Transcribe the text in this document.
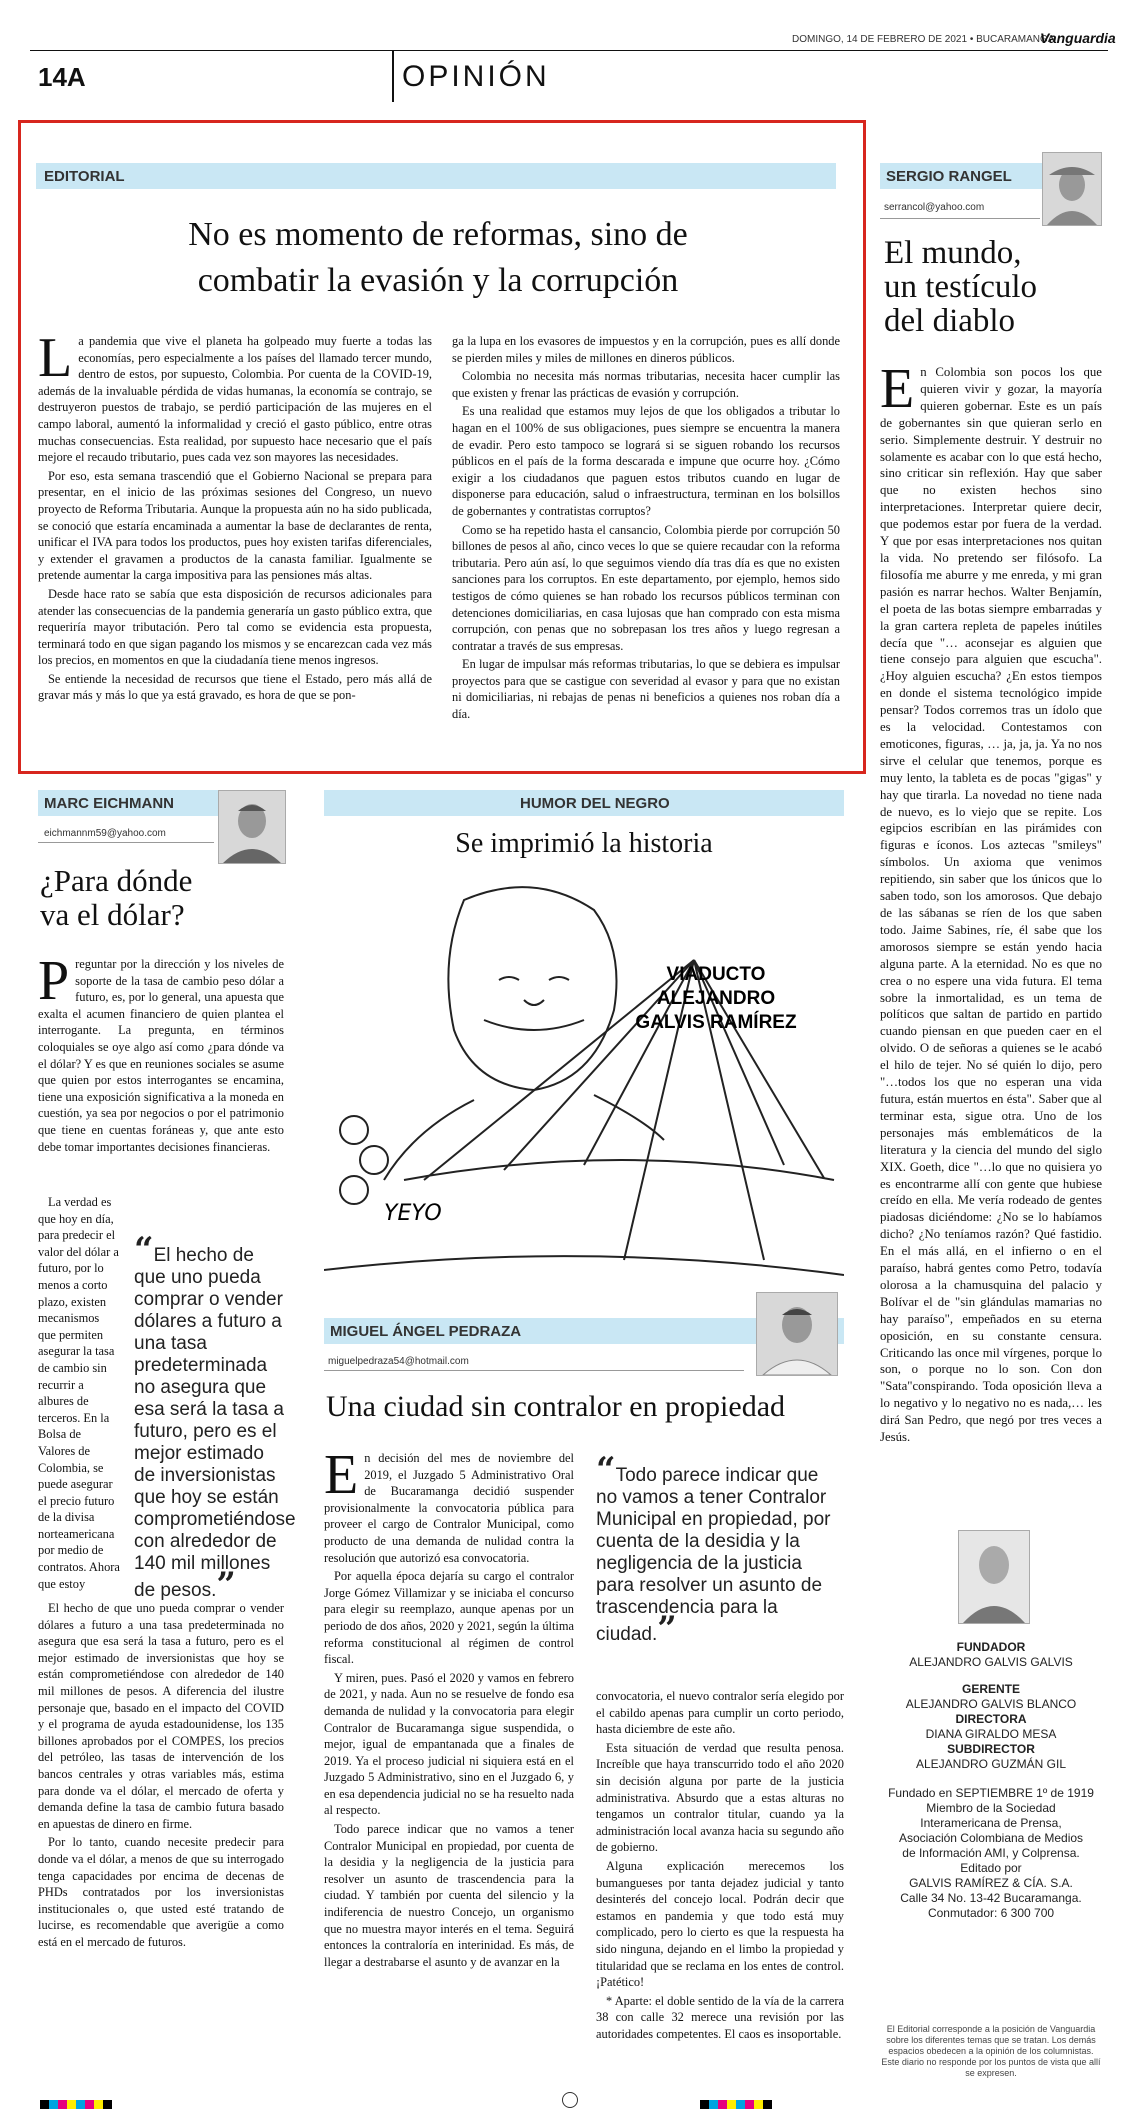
14A	OPINIÓN
DOMINGO, 14 DE FEBRERO DE 2021 • BUCARAMANGA
Vanguardia
EDITORIAL
No es momento de reformas, sino de
combatir la evasión y la corrupción

La pandemia que vive el planeta ha golpeado muy fuerte a todas las economías, pero especialmente a los países del llamado tercer mundo, dentro de estos, por supuesto, Colombia. Por cuenta de la COVID-19, además de la invaluable pérdida de vidas humanas, la economía se contrajo, se destruyeron puestos de trabajo, se perdió participación de las mujeres en el campo laboral, aumentó la informalidad y creció el gasto público, entre otras muchas consecuencias. Esta realidad, por supuesto hace necesario que el país mejore el recaudo tributario, pues cada vez son mayores las necesidades.

Por eso, esta semana trascendió que el Gobierno Nacional se prepara para presentar, en el inicio de las próximas sesiones del Congreso, un nuevo proyecto de Reforma Tributaria. Aunque la propuesta aún no ha sido publicada, se conoció que estaría encaminada a aumentar la base de declarantes de renta, unificar el IVA para todos los productos, pues hoy existen tarifas diferenciales, y extender el gravamen a productos de la canasta familiar. Igualmente se pretende aumentar la carga impositiva para las pensiones más altas.

Desde hace rato se sabía que esta disposición de recursos adicionales para atender las consecuencias de la pandemia generaría un gasto público extra, que requeriría mayor tributación. Pero tal como se evidencia esta propuesta, terminará todo en que sigan pagando los mismos y se encarezcan cada vez más los precios, en momentos en que la ciudadanía tiene menos ingresos.

Se entiende la necesidad de recursos que tiene el Estado, pero más allá de gravar más y más lo que ya está gravado, es hora de que se pon-

ga la lupa en los evasores de impuestos y en la corrupción, pues es allí donde se pierden miles y miles de millones en dineros públicos.

Colombia no necesita más normas tributarias, necesita hacer cumplir las que existen y frenar las prácticas de evasión y corrupción.

Es una realidad que estamos muy lejos de que los obligados a tributar lo hagan en el 100% de sus obligaciones, pues siempre se encuentra la manera de evadir. Pero esto tampoco se logrará si se siguen robando los recursos públicos en el país de la forma descarada e impune que ocurre hoy. ¿Cómo exigir a los ciudadanos que paguen estos tributos cuando en lugar de disponerse para educación, salud o infraestructura, terminan en los bolsillos de gobernantes y contratistas corruptos?

Como se ha repetido hasta el cansancio, Colombia pierde por corrupción 50 billones de pesos al año, cinco veces lo que se quiere recaudar con la reforma tributaria. Pero aún así, lo que seguimos viendo día tras día es que no existen sanciones para los corruptos. En este departamento, por ejemplo, hemos sido testigos de cómo quienes se han robado los recursos públicos terminan con detenciones domiciliarias, en casa lujosas que han comprado con esta misma corrupción, con penas que no sobrepasan los tres años y luego regresan a contratar a través de sus empresas.

En lugar de impulsar más reformas tributarias, lo que se debiera es impulsar proyectos para que se castigue con severidad al evasor y para que no existan ni domiciliarias, ni rebajas de penas ni beneficios a quienes nos roban día a día.

SERGIO RANGEL
serrancol@yahoo.com
El mundo,
un testículo
del diablo

En Colombia son pocos los que quieren vivir y gozar, la mayoría quieren gobernar. Este es un país de gobernantes sin que quieran serlo en serio. Simplemente destruir. Y destruir no solamente es acabar con lo que está hecho, sino criticar sin reflexión. Hay que saber que no existen hechos sino interpretaciones. Interpretar quiere decir, que podemos estar por fuera de la verdad. Y que por esas interpretaciones nos quitan la vida. No pretendo ser filósofo. La filosofía me aburre y me enreda, y mi gran pasión es narrar hechos. Walter Benjamín, el poeta de las botas siempre embarradas y la gran cartera repleta de papeles inútiles decía que "… aconsejar es alguien que tiene consejo para alguien que escucha". ¿Hoy alguien escucha? ¿En estos tiempos en donde el sistema tecnológico impide pensar? Todos corremos tras un ídolo que es la velocidad. Contestamos con emoticones, figuras, … ja, ja, ja. Ya no nos sirve el celular que tenemos, porque es muy lento, la tableta es de pocas "gigas" y hay que tirarla. La novedad no tiene nada de nuevo, es lo viejo que se repite. Los egipcios escribían en las pirámides con figuras e íconos. Los aztecas "smileys" símbolos. Un axioma que venimos repitiendo, sin saber que los únicos que lo saben todo, son los amorosos. Que debajo de las sábanas se ríen de los que saben todo. Jaime Sabines, ríe, él sabe que los amorosos siempre se están yendo hacia alguna parte. A la eternidad. No es que no crea o no espere una vida futura. El tema sobre la inmortalidad, es un tema de políticos que saltan de partido en partido cuando piensan en que pueden caer en el olvido. O de señoras a quienes se le acabó el hilo de tejer. No sé quién lo dijo, pero "…todos los que no esperan una vida futura, están muertos en ésta". Saber que al terminar esta, sigue otra. Uno de los personajes más emblemáticos de la literatura y la ciencia del mundo del siglo XIX. Goeth, dice "…lo que no quisiera yo es encontrarme allí con gente que hubiese creído en ella. Me vería rodeado de gentes piadosas diciéndome: ¿No se lo habíamos dicho? ¿No teníamos razón? Qué fastidio. En el más allá, en el infierno o en el paraíso, habrá gentes como Petro, todavía olorosa a la chamusquina del palacio y Bolívar el de "sin glándulas mamarias no hay paraíso", empeñados en su eterna oposición, en su constante censura. Criticando las once mil vírgenes, porque lo son, o porque no lo son. Con don "Sata"conspirando. Toda oposición lleva a lo negativo y lo negativo no es nada,… les dirá San Pedro, que negó por tres veces a Jesús.

MARC EICHMANN
eichmannm59@yahoo.com
¿Para dónde
va el dólar?

Preguntar por la dirección y los niveles de soporte de la tasa de cambio peso dólar a futuro, es, por lo general, una apuesta que exalta el acumen financiero de quien plantea el interrogante. La pregunta, en términos coloquiales se oye algo así como ¿para dónde va el dólar? Y es que en reuniones sociales se asume que quien por estos interrogantes se encamina, tiene una exposición significativa a la moneda en cuestión, ya sea por negocios o por el patrimonio que tiene en cuentas foráneas y, que ante esto debe tomar importantes decisiones financieras.

La verdad es que hoy en día, para predecir el valor del dólar a futuro, por lo menos a corto plazo, existen mecanismos que permiten asegurar la tasa de cambio sin recurrir a albures de terceros. En la Bolsa de Valores de Colombia, se puede asegurar el precio futuro de la divisa norteamericana por medio de contratos. Ahora que estoy

“El hecho de que uno pueda comprar o vender dólares a futuro a una tasa predeterminada no asegura que esa será la tasa a futuro, pero es el mejor estimado de inversionistas que hoy se están comprometiéndose con alrededor de 140 mil millones de pesos.”

El hecho de que uno pueda comprar o vender dólares a futuro a una tasa predeterminada no asegura que esa será la tasa a futuro, pero es el mejor estimado de inversionistas que hoy se están comprometiéndose con alrededor de 140 mil millones de pesos. A diferencia del ilustre personaje que, basado en el impacto del COVID y el programa de ayuda estadounidense, los 135 billones aprobados por el COMPES, los precios del petróleo, las tasas de intervención de los bancos centrales y otras variables más, estima para donde va el dólar, el mercado de oferta y demanda define la tasa de cambio futura basado en apuestas de dinero en firme.

Por lo tanto, cuando necesite predecir para donde va el dólar, a menos de que su interrogado tenga capacidades por encima de decenas de PHDs contratados por los inversionistas institucionales o, que usted esté tratando de lucirse, es recomendable que averigüe a como está en el mercado de futuros.

HUMOR DEL NEGRO
Se imprimió la historia
VIADUCTO
ALEJANDRO
GALVIS RAMÍREZ
YEYO
MIGUEL ÁNGEL PEDRAZA
miguelpedraza54@hotmail.com
Una ciudad sin contralor en propiedad

En decisión del mes de noviembre del 2019, el Juzgado 5 Administrativo Oral de Bucaramanga decidió suspender provisionalmente la convocatoria pública para proveer el cargo de Contralor Municipal, como producto de una demanda de nulidad contra la resolución que autorizó esa convocatoria.

Por aquella época dejaría su cargo el contralor Jorge Gómez Villamizar y se iniciaba el concurso para elegir su reemplazo, aunque apenas por un periodo de dos años, 2020 y 2021, según la última reforma constitucional al régimen de control fiscal.

Y miren, pues. Pasó el 2020 y vamos en febrero de 2021, y nada. Aun no se resuelve de fondo esa demanda de nulidad y la convocatoria para elegir Contralor de Bucaramanga sigue suspendida, o mejor, igual de empantanada que a finales de 2019. Ya el proceso judicial ni siquiera está en el Juzgado 5 Administrativo, sino en el Juzgado 6, y en esa dependencia judicial no se ha resuelto nada al respecto.

Todo parece indicar que no vamos a tener Contralor Municipal en propiedad, por cuenta de la desidia y la negligencia de la justicia para resolver un asunto de trascendencia para la ciudad. Y también por cuenta del silencio y la indiferencia de nuestro Concejo, un organismo que no muestra mayor interés en el tema. Seguirá entonces la contraloría en interinidad. Es más, de llegar a destrabarse el asunto y de avanzar en la

“Todo parece indicar que no vamos a tener Contralor Municipal en propiedad, por cuenta de la desidia y la negligencia de la justicia para resolver un asunto de trascendencia para la ciudad.”

convocatoria, el nuevo contralor sería elegido por el cabildo apenas para cumplir un corto periodo, hasta diciembre de este año.

Esta situación de verdad que resulta penosa. Increíble que haya transcurrido todo el año 2020 sin decisión alguna por parte de la justicia administrativa. Absurdo que a estas alturas no tengamos un contralor titular, cuando ya la administración local avanza hacia su segundo año de gobierno.

Alguna explicación merecemos los bumangueses por tanta dejadez judicial y tanto desinterés del concejo local. Podrán decir que estamos en pandemia y que todo está muy complicado, pero lo cierto es que la respuesta ha sido ninguna, dejando en el limbo la propiedad y titularidad que se reclama en los entes de control. ¡Patético!

* Aparte: el doble sentido de la vía de la carrera 38 con calle 32 merece una revisión por las autoridades competentes. El caos es insoportable.

FUNDADOR
ALEJANDRO GALVIS GALVIS
GERENTE
ALEJANDRO GALVIS BLANCO
DIRECTORA
DIANA GIRALDO MESA
SUBDIRECTOR
ALEJANDRO GUZMÁN GIL
Fundado en SEPTIEMBRE 1º de 1919
Miembro de la Sociedad
Interamericana de Prensa,
Asociación Colombiana de Medios
de Información AMI, y Colprensa.
Editado por
GALVIS RAMÍREZ & CÍA. S.A.
Calle 34 No. 13-42 Bucaramanga.
Conmutador: 6 300 700
El Editorial corresponde a la posición de Vanguardia sobre los diferentes temas que se tratan. Los demás espacios obedecen a la opinión de los columnistas. Este diario no responde por los puntos de vista que allí se expresen.
